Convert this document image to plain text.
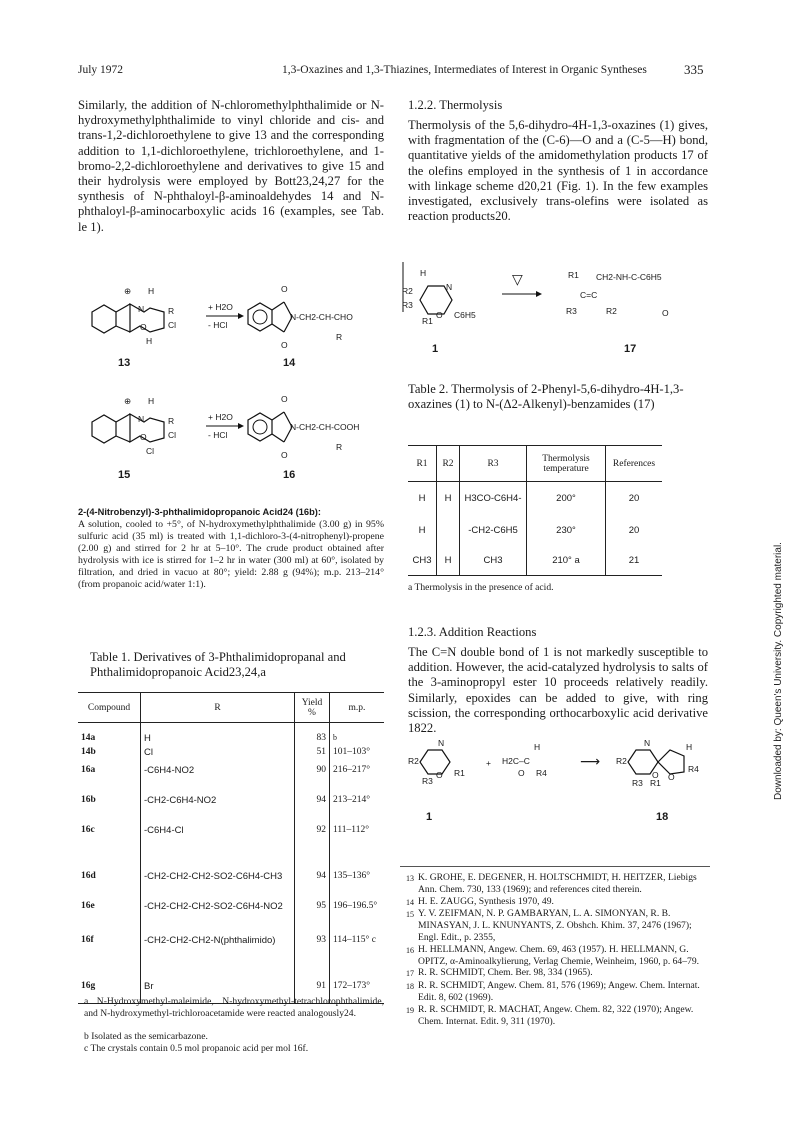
July 1972	1,3-Oxazines and 1,3-Thiazines, Intermediates of Interest in Organic Syntheses	335
Downloaded by: Queen's University. Copyrighted material.
Similarly, the addition of N-chloromethylphthalimide or N-hydroxymethylphthalimide to vinyl chloride and cis- and trans-1,2-dichloroethylene to give 13 and the corresponding addition to 1,1-dichloroethylene, trichloroethylene, and 1-bromo-2,2-dichloroethylene and derivatives to give 15 and their hydrolysis were employed by Bott23,24,27 for the synthesis of N-phthaloyl-β-aminoaldehydes 14 and N-phthaloyl-β-aminocarboxylic acids 16 (examples, see Tab. le 1).
⊕
N
O
H
R
Cl
H
13
+ H2O
- HCl
O
O
N-CH2-CH-CHO
R
14
⊕
N
O
H
R
Cl
Cl
15
+ H2O
- HCl
O
O
N-CH2-CH-COOH
R
16
2-(4-Nitrobenzyl)-3-phthalimidopropanoic Acid24 (16b):
A solution, cooled to +5°, of N-hydroxymethylphthalimide (3.00 g) in 95% sulfuric acid (35 ml) is treated with 1,1-dichloro-3-(4-nitrophenyl)-propene (2.00 g) and stirred for 2 hr at 5–10°. The crude product obtained after hydrolysis with ice is stirred for 1–2 hr in water (300 ml) at 60°, isolated by filtration, and dried in vacuo at 80°; yield: 2.88 g (94%); m.p. 213–214° (from propanoic acid/water 1:1).
Table 1. Derivatives of 3-Phthalimidopropanal and Phthalimidopropanoic Acid23,24,a
Compound	R	Yield %	m.p.
14a	H	83	$^b$
14b	Cl	51	101–103°
16a	-C6H4-NO2	90	216–217°
16b	-CH2-C6H4-NO2	94	213–214°
16c	-C6H4-Cl	92	111–112°
16d	-CH2-CH2-CH2-SO2-C6H4-CH3	94	135–136°
16e	-CH2-CH2-CH2-SO2-C6H4-NO2	95	196–196.5°
16f	-CH2-CH2-CH2-N(phthalimido)	93	114–115° c
16g	Br	91	172–173°
a N-Hydroxymethyl-maleimide, N-hydroxymethyl-tetrachlorophthalimide, and N-hydroxymethyl-trichloroacetamide were reacted analogously24.
b Isolated as the semicarbazone.
c The crystals contain 0.5 mol propanoic acid per mol 16f.
1.2.2. Thermolysis
Thermolysis of the 5,6-dihydro-4H-1,3-oxazines (1) gives, with fragmentation of the (C-6)—O and a (C-5—H) bond, quantitative yields of the amidomethylation products 17 of the olefins employed in the synthesis of 1 in accordance with linkage scheme d20,21 (Fig. 1). In the few examples investigated, exclusively trans-olefins were isolated as reaction products20.
H
R2
R3
R1
N
O C6H5
1
▽	R1 CH2-NH-C-C6H5
C=C
R3	R2	O
17
Table 2. Thermolysis of 2-Phenyl-5,6-dihydro-4H-1,3-oxazines (1) to N-(Δ2-Alkenyl)-benzamides (17)
R1	R2	R3	Thermolysis temperature	References
H	H	H3CO-C6H4-	200°	20
H		-CH2-C6H5	230°	20
CH3	H	CH3	210° a	21
a Thermolysis in the presence of acid.
1.2.3. Addition Reactions
The C=N double bond of 1 is not markedly susceptible to addition. However, the acid-catalyzed hydrolysis to salts of the 3-aminopropyl ester 10 proceeds relatively readily. Similarly, epoxides can be added to give, with ring scission, the corresponding orthocarboxylic acid derivative 1822.
N
R2
R3
O R1
1
+ H2C–C
H
O R4
⟶ R2
N	H
R4
R3 R1
O O
18
13 K. GROHE, E. DEGENER, H. HOLTSCHMIDT, H. HEITZER, Liebigs Ann. Chem. 730, 133 (1969); and references cited therein.
14 H. E. ZAUGG, Synthesis 1970, 49.
15 Y. V. ZEIFMAN, N. P. GAMBARYAN, L. A. SIMONYAN, R. B. MINASYAN, J. L. KNUNYANTS, Z. Obshch. Khim. 37, 2476 (1967); Engl. Edit., p. 2355,
16 H. HELLMANN, Angew. Chem. 69, 463 (1957). H. HELLMANN, G. OPITZ, α-Aminoalkylierung, Verlag Chemie, Weinheim, 1960, p. 64–79.
17 R. R. SCHMIDT, Chem. Ber. 98, 334 (1965).
18 R. R. SCHMIDT, Angew. Chem. 81, 576 (1969); Angew. Chem. Internat. Edit. 8, 602 (1969).
19 R. R. SCHMIDT, R. MACHAT, Angew. Chem. 82, 322 (1970); Angew. Chem. Internat. Edit. 9, 311 (1970).
